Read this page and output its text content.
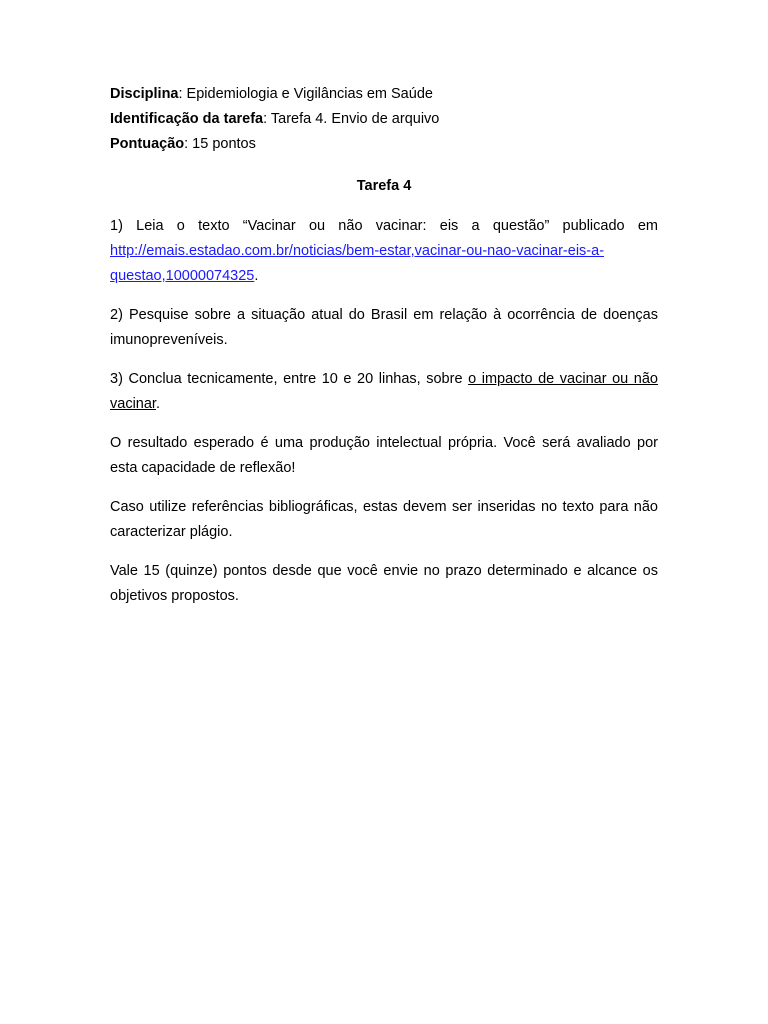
Disciplina: Epidemiologia e Vigilâncias em Saúde

Identificação da tarefa: Tarefa 4. Envio de arquivo

Pontuação: 15 pontos

Tarefa 4

1) Leia o texto “Vacinar ou não vacinar: eis a questão” publicado em http://emais.estadao.com.br/noticias/bem-estar,vacinar-ou-nao-vacinar-eis-a-questao,10000074325.

2) Pesquise sobre a situação atual do Brasil em relação à ocorrência de doenças imunopreveníveis.

3) Conclua tecnicamente, entre 10 e 20 linhas, sobre o impacto de vacinar ou não vacinar.

O resultado esperado é uma produção intelectual própria. Você será avaliado por esta capacidade de reflexão!

Caso utilize referências bibliográficas, estas devem ser inseridas no texto para não caracterizar plágio.

Vale 15 (quinze) pontos desde que você envie no prazo determinado e alcance os objetivos propostos.
